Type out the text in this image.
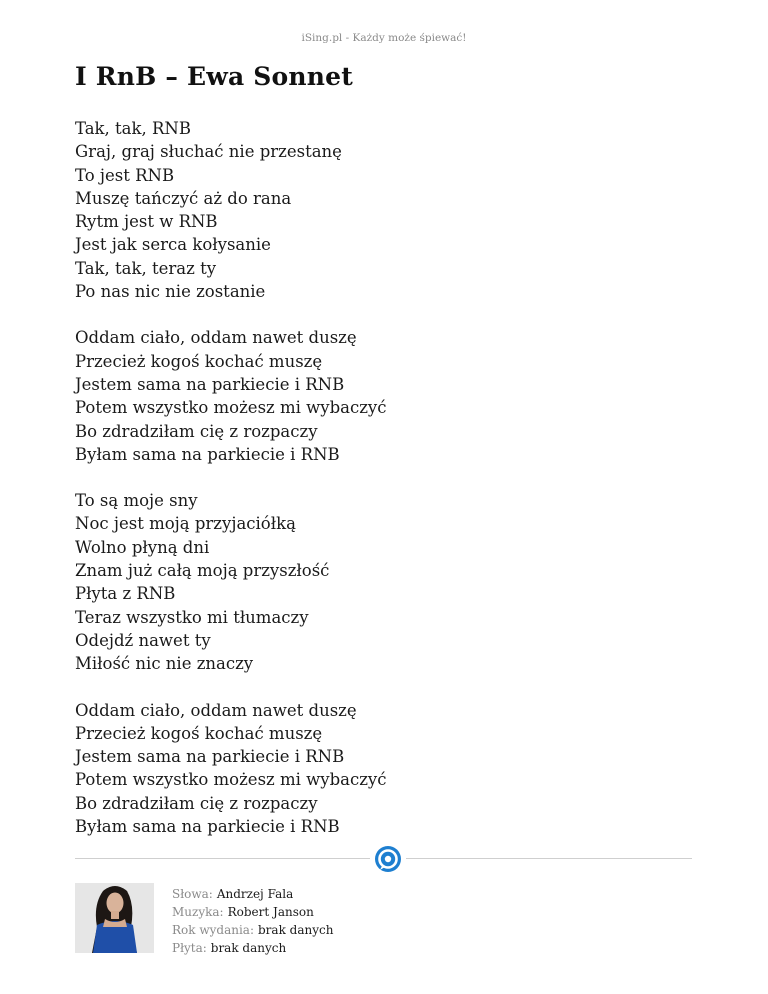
iSing.pl - Każdy może śpiewać!
I RnB – Ewa Sonnet

Tak, tak, RNB
Graj, graj słuchać nie przestanę
To jest RNB
Muszę tańczyć aż do rana
Rytm jest w RNB
Jest jak serca kołysanie
Tak, tak, teraz ty
Po nas nic nie zostanie

Oddam ciało, oddam nawet duszę
Przecież kogoś kochać muszę
Jestem sama na parkiecie i RNB
Potem wszystko możesz mi wybaczyć
Bo zdradziłam cię z rozpaczy
Byłam sama na parkiecie i RNB

To są moje sny
Noc jest moją przyjaciółką
Wolno płyną dni
Znam już całą moją przyszłość
Płyta z RNB
Teraz wszystko mi tłumaczy
Odejdź nawet ty
Miłość nic nie znaczy

Oddam ciało, oddam nawet duszę
Przecież kogoś kochać muszę
Jestem sama na parkiecie i RNB
Potem wszystko możesz mi wybaczyć
Bo zdradziłam cię z rozpaczy
Byłam sama na parkiecie i RNB

Słowa: Andrzej Fala
Muzyka: Robert Janson
Rok wydania: brak danych
Płyta: brak danych
